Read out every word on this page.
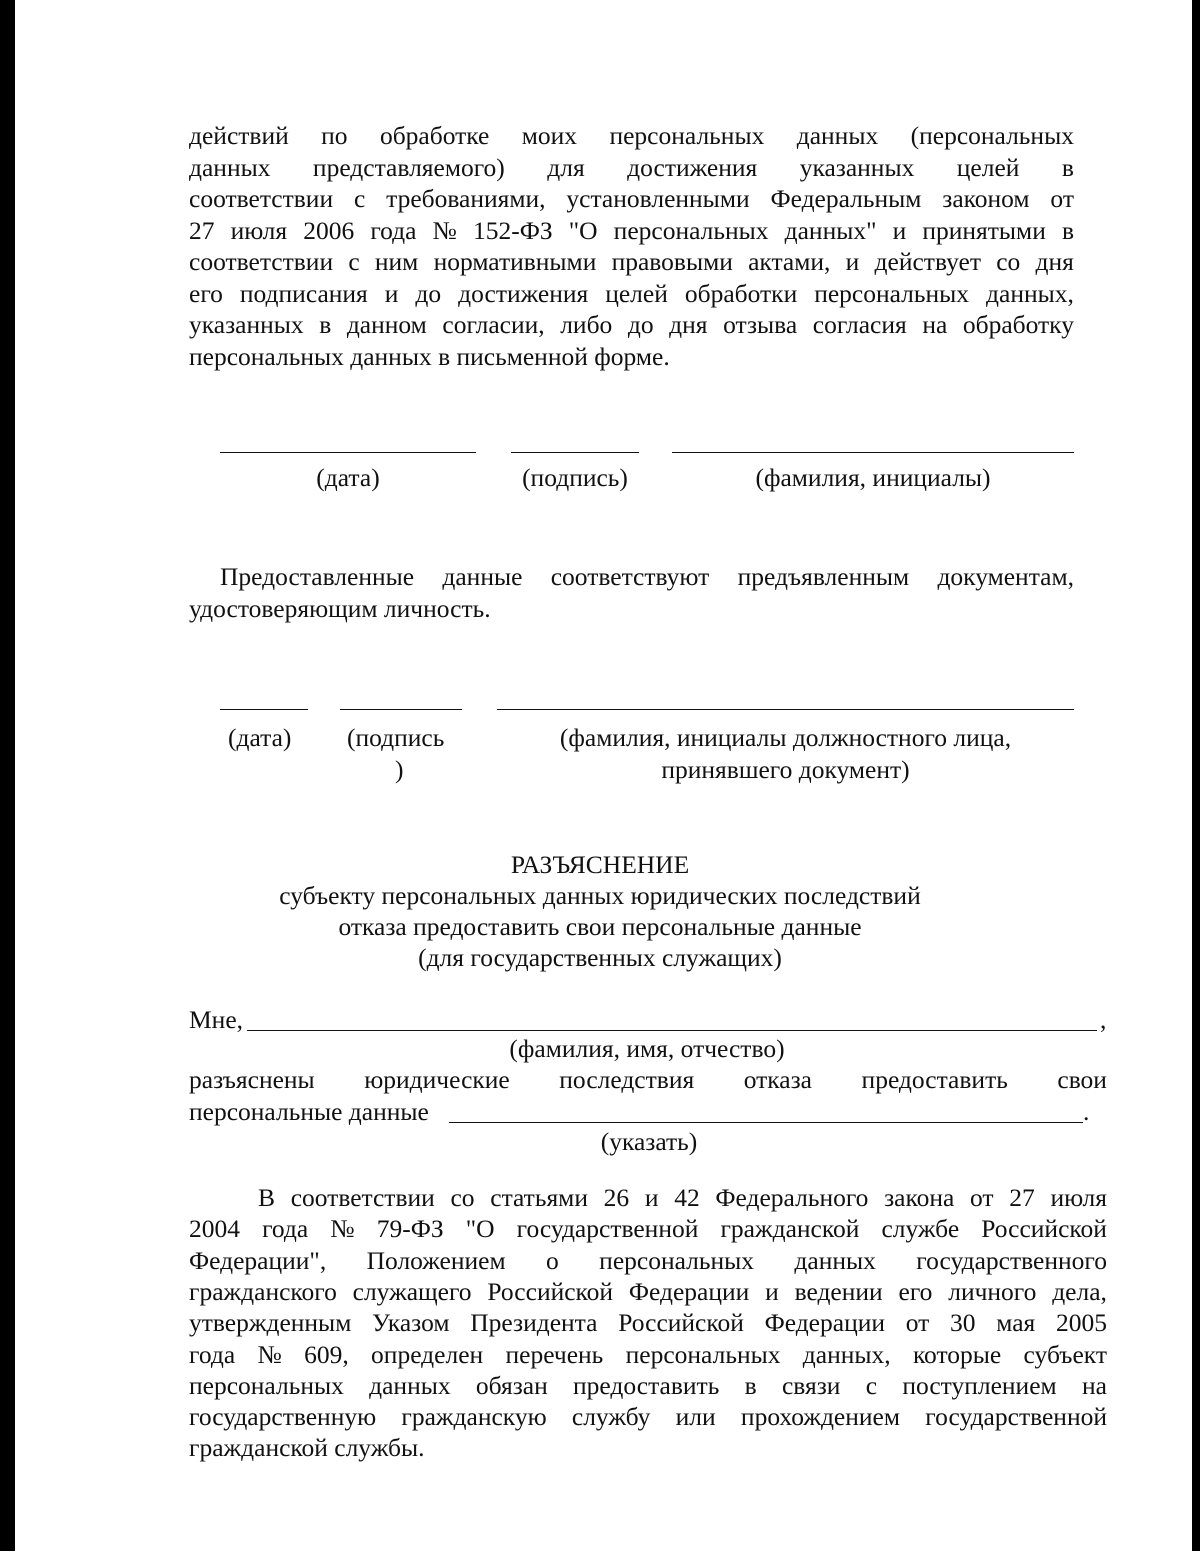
действий по обработке моих персональных данных (персональных
данных представляемого) для достижения указанных целей в
соответствии с требованиями, установленными Федеральным законом от
27 июля 2006 года № 152-ФЗ "О персональных данных" и принятыми в
соответствии с ним нормативными правовыми актами, и действует со дня
его подписания и до достижения целей обработки персональных данных,
указанных в данном согласии, либо до дня отзыва согласия на обработку
персональных данных в письменной форме.
(дата)	(подпись)	(фамилия, инициалы)
Предоставленные данные соответствуют предъявленным документам,
удостоверяющим личность.
(дата) (подпись
)
(фамилия, инициалы должностного лица,
принявшего документ)
РАЗЪЯСНЕНИЕ
субъекту персональных данных юридических последствий
отказа предоставить свои персональные данные
(для государственных служащих)
Мне,	,
(фамилия, имя, отчество)
разъяснены юридические последствия отказа предоставить свои
персональные данные	.
(указать)
В соответствии со статьями 26 и 42 Федерального закона от 27 июля
2004 года № 79-ФЗ "О государственной гражданской службе Российской
Федерации", Положением о персональных данных государственного
гражданского служащего Российской Федерации и ведении его личного дела,
утвержденным Указом Президента Российской Федерации от 30 мая 2005
года № 609, определен перечень персональных данных, которые субъект
персональных данных обязан предоставить в связи с поступлением на
государственную гражданскую службу или прохождением государственной
гражданской службы.
